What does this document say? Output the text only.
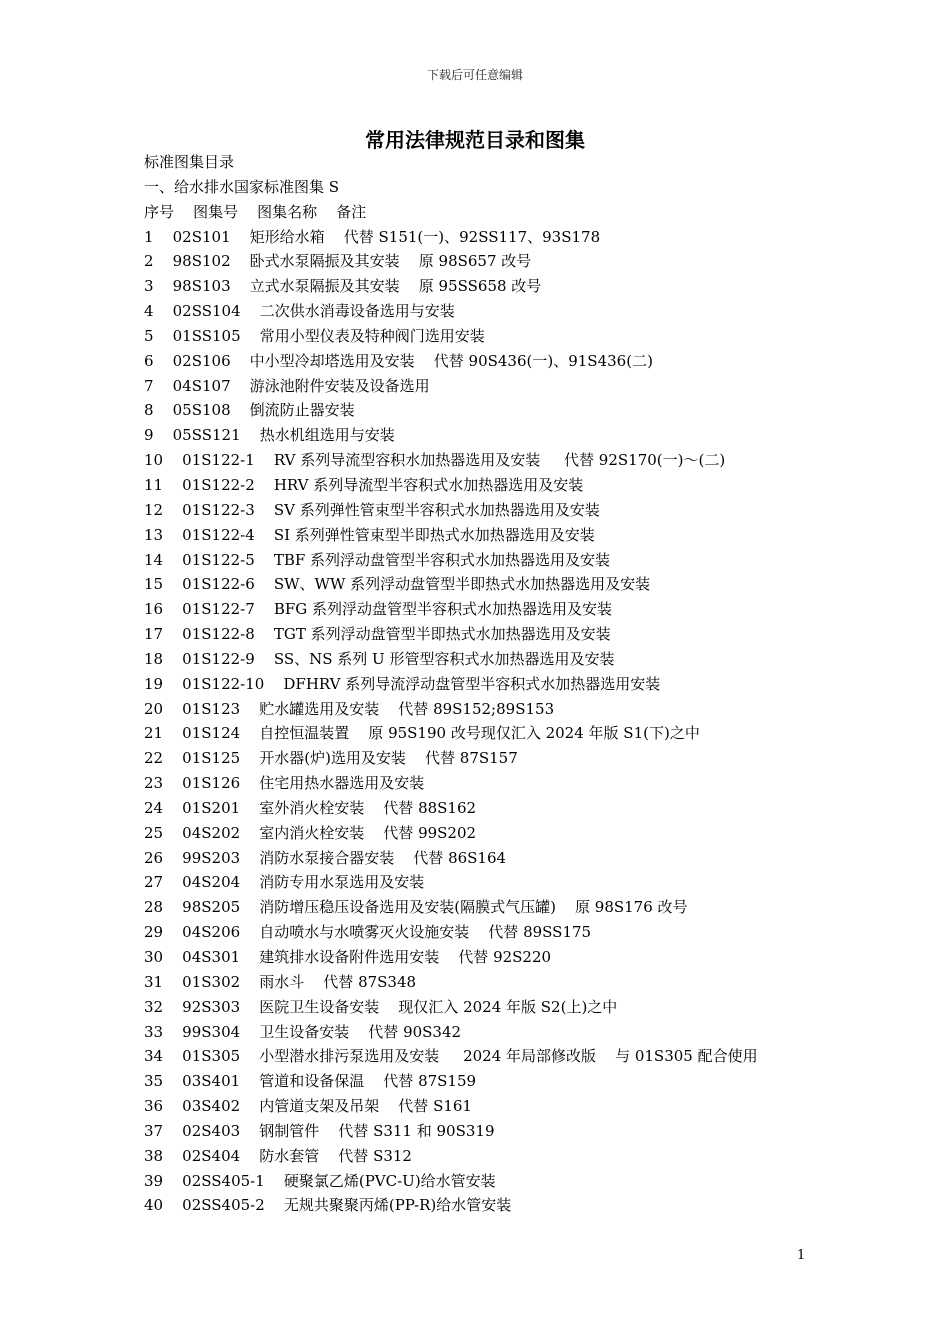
下载后可任意编辑
常用法律规范目录和图集
标准图集目录
一、给水排水国家标准图集 S
序号    图集号    图集名称    备注
1    02S101    矩形给水箱    代替 S151(一)、92SS117、93S178
2    98S102    卧式水泵隔振及其安装    原 98S657 改号
3    98S103    立式水泵隔振及其安装    原 95SS658 改号
4    02SS104    二次供水消毒设备选用与安装
5    01SS105    常用小型仪表及特种阀门选用安装
6    02S106    中小型冷却塔选用及安装    代替 90S436(一)、91S436(二)
7    04S107    游泳池附件安装及设备选用
8    05S108    倒流防止器安装
9    05SS121    热水机组选用与安装
10    01S122-1    RV 系列导流型容积水加热器选用及安装     代替 92S170(一)～(二)
11    01S122-2    HRV 系列导流型半容积式水加热器选用及安装
12    01S122-3    SV 系列弹性管束型半容积式水加热器选用及安装
13    01S122-4    SI 系列弹性管束型半即热式水加热器选用及安装
14    01S122-5    TBF 系列浮动盘管型半容积式水加热器选用及安装
15    01S122-6    SW、WW 系列浮动盘管型半即热式水加热器选用及安装
16    01S122-7    BFG 系列浮动盘管型半容积式水加热器选用及安装
17    01S122-8    TGT 系列浮动盘管型半即热式水加热器选用及安装
18    01S122-9    SS、NS 系列 U 形管型容积式水加热器选用及安装
19    01S122-10    DFHRV 系列导流浮动盘管型半容积式水加热器选用安装
20    01S123    贮水罐选用及安装    代替 89S152;89S153
21    01S124    自控恒温装置    原 95S190 改号现仅汇入 2024 年版 S1(下)之中
22    01S125    开水器(炉)选用及安装    代替 87S157
23    01S126    住宅用热水器选用及安装
24    01S201    室外消火栓安装    代替 88S162
25    04S202    室内消火栓安装    代替 99S202
26    99S203    消防水泵接合器安装    代替 86S164
27    04S204    消防专用水泵选用及安装
28    98S205    消防增压稳压设备选用及安装(隔膜式气压罐)    原 98S176 改号
29    04S206    自动喷水与水喷雾灭火设施安装    代替 89SS175
30    04S301    建筑排水设备附件选用安装    代替 92S220
31    01S302    雨水斗    代替 87S348
32    92S303    医院卫生设备安装    现仅汇入 2024 年版 S2(上)之中
33    99S304    卫生设备安装    代替 90S342
34    01S305    小型潜水排污泵选用及安装     2024 年局部修改版    与 01S305 配合使用
35    03S401    管道和设备保温    代替 87S159
36    03S402    内管道支架及吊架    代替 S161
37    02S403    钢制管件    代替 S311 和 90S319
38    02S404    防水套管    代替 S312
39    02SS405-1    硬聚氯乙烯(PVC-U)给水管安装
40    02SS405-2    无规共聚聚丙烯(PP-R)给水管安装
1
